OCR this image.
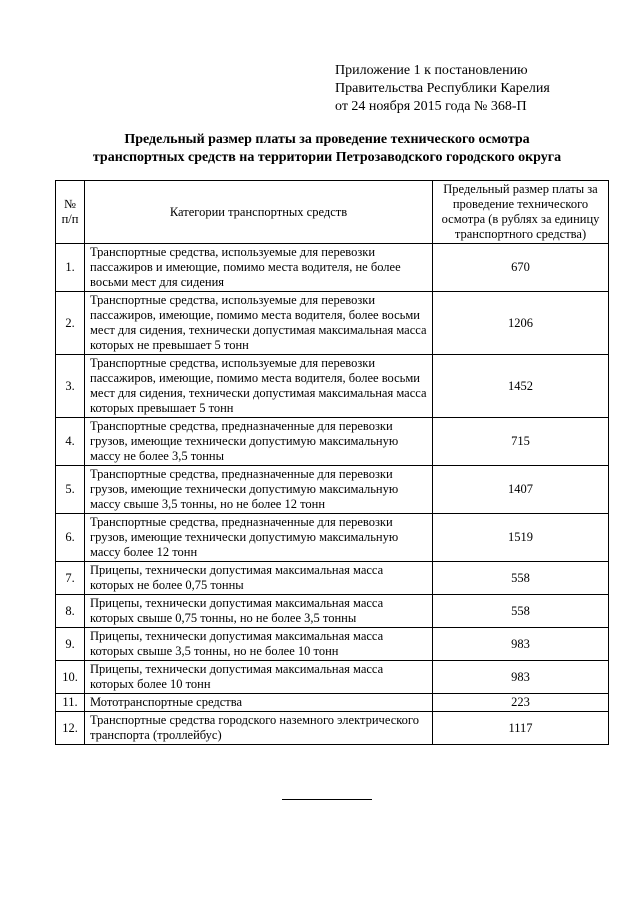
Приложение 1 к постановлению
Правительства Республики Карелия
от 24 ноября 2015 года № 368-П
Предельный размер платы за проведение технического осмотра
транспортных средств на территории Петрозаводского городского округа
№ п/п	Категории транспортных средств	Предельный размер платы за проведение технического осмотра (в рублях за единицу транспортного средства)
1.	Транспортные средства, используемые для перевозки пассажиров и имеющие, помимо места водителя, не более восьми мест для сидения	670
2.	Транспортные средства, используемые для перевозки пассажиров, имеющие, помимо места водителя, более восьми мест для сидения, технически допустимая максимальная масса которых не превышает 5 тонн	1206
3.	Транспортные средства, используемые для перевозки пассажиров, имеющие, помимо места водителя, более восьми мест для сидения, технически допустимая максимальная масса которых превышает 5 тонн	1452
4.	Транспортные средства, предназначенные для перевозки грузов, имеющие технически допустимую максимальную массу не более 3,5 тонны	715
5.	Транспортные средства, предназначенные для перевозки грузов, имеющие технически допустимую максимальную массу свыше 3,5 тонны, но не более 12 тонн	1407
6.	Транспортные средства, предназначенные для перевозки грузов, имеющие технически допустимую максимальную массу более 12 тонн	1519
7.	Прицепы, технически допустимая максимальная масса которых не более 0,75 тонны	558
8.	Прицепы, технически допустимая максимальная масса которых свыше 0,75 тонны, но не более 3,5 тонны	558
9.	Прицепы, технически допустимая максимальная масса которых свыше 3,5 тонны, но не более 10 тонн	983
10.	Прицепы, технически допустимая максимальная масса которых более 10 тонн	983
11.	Мототранспортные средства	223
12.	Транспортные средства городского наземного электрического транспорта (троллейбус)	1117
